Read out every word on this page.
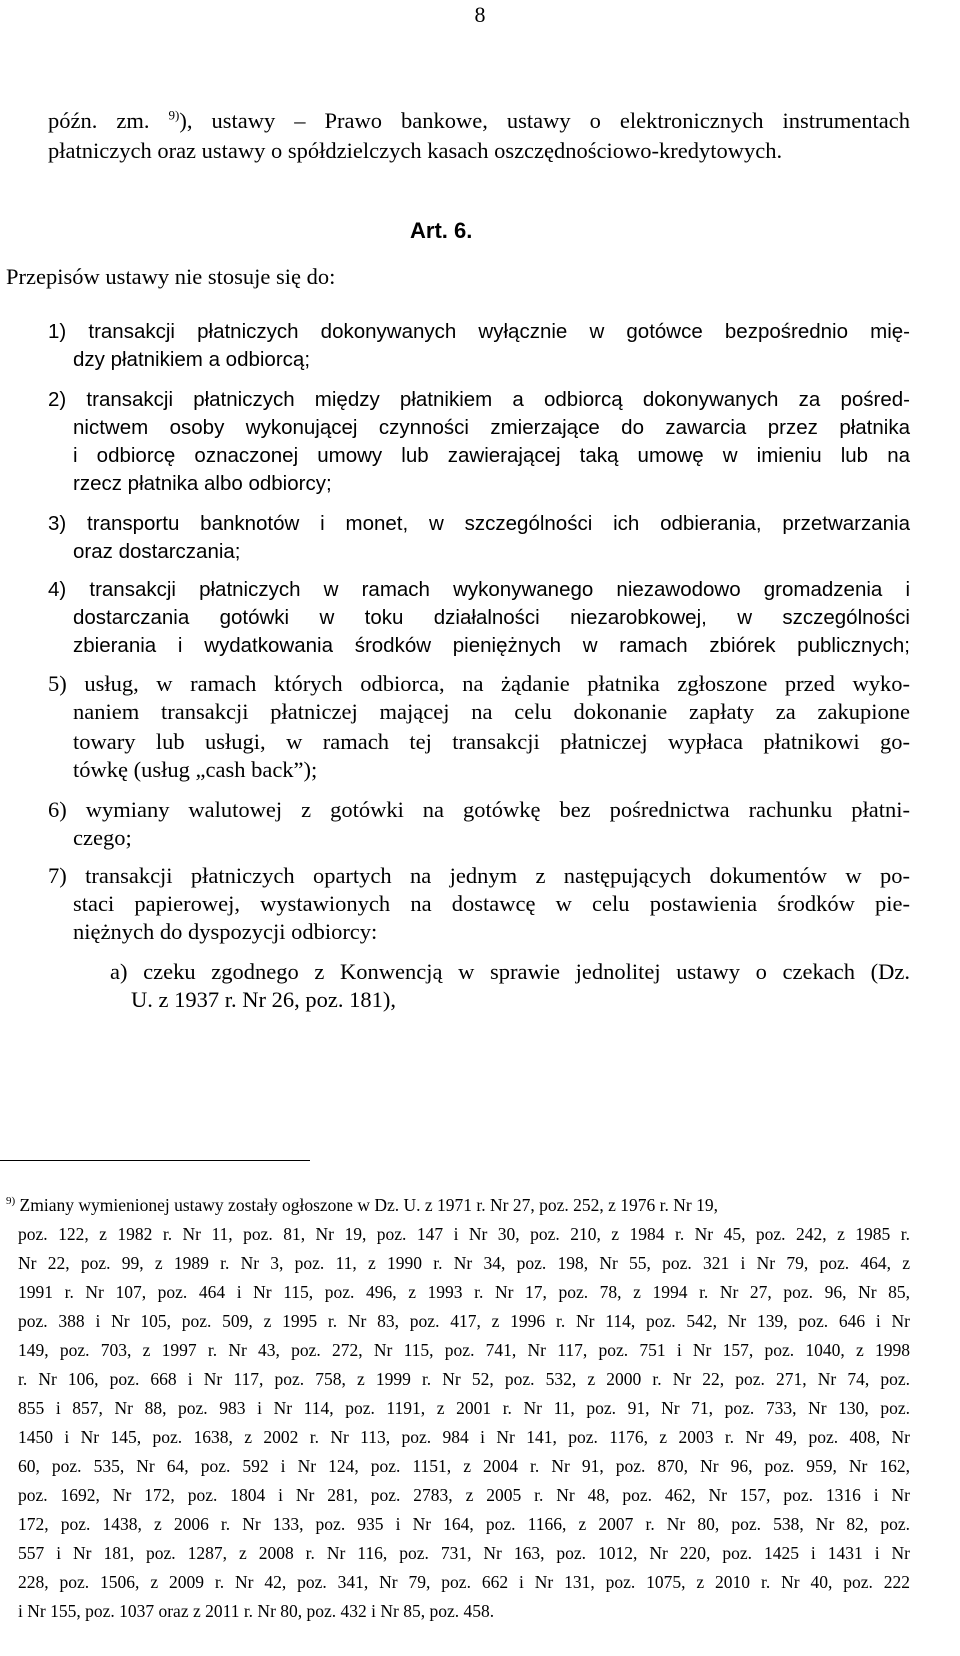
8
późn. zm. $^{9)}$), ustawy – Prawo bankowe, ustawy o elektronicznych instrumentach
płatniczych oraz ustawy o spółdzielczych kasach oszczędnościowo-kredytowych.
Art. 6.
Przepisów ustawy nie stosuje się do:
1) transakcji płatniczych dokonywanych wyłącznie w gotówce bezpośrednio mię-
dzy płatnikiem a odbiorcą;
2) transakcji płatniczych między płatnikiem a odbiorcą dokonywanych za pośred-
nictwem osoby wykonującej czynności zmierzające do zawarcia przez płatnika
i odbiorcę oznaczonej umowy lub zawierającej taką umowę w imieniu lub na
rzecz płatnika albo odbiorcy;
3) transportu banknotów i monet, w szczególności ich odbierania, przetwarzania
oraz dostarczania;
4) transakcji płatniczych w ramach wykonywanego niezawodowo gromadzenia i
dostarczania gotówki w toku działalności niezarobkowej, w szczególności
zbierania i wydatkowania środków pieniężnych w ramach zbiórek publicznych;
5) usług, w ramach których odbiorca, na żądanie płatnika zgłoszone przed wyko-
naniem transakcji płatniczej mającej na celu dokonanie zapłaty za zakupione
towary lub usługi, w ramach tej transakcji płatniczej wypłaca płatnikowi go-
tówkę (usług „cash back”);
6) wymiany walutowej z gotówki na gotówkę bez pośrednictwa rachunku płatni-
czego;
7) transakcji płatniczych opartych na jednym z następujących dokumentów w po-
staci papierowej, wystawionych na dostawcę w celu postawienia środków pie-
niężnych do dyspozycji odbiorcy:
a) czeku zgodnego z Konwencją w sprawie jednolitej ustawy o czekach (Dz.
U. z 1937 r. Nr 26, poz. 181),
$^{9)}$ Zmiany wymienionej ustawy zostały ogłoszone w Dz. U. z 1971 r. Nr 27, poz. 252, z 1976 r. Nr 19,
poz. 122, z 1982 r. Nr 11, poz. 81, Nr 19, poz. 147 i Nr 30, poz. 210, z 1984 r. Nr 45, poz. 242, z 1985 r.
Nr 22, poz. 99, z 1989 r. Nr 3, poz. 11, z 1990 r. Nr 34, poz. 198, Nr 55, poz. 321 i Nr 79, poz. 464, z
1991 r. Nr 107, poz. 464 i Nr 115, poz. 496, z 1993 r. Nr 17, poz. 78, z 1994 r. Nr 27, poz. 96, Nr 85,
poz. 388 i Nr 105, poz. 509, z 1995 r. Nr 83, poz. 417, z 1996 r. Nr 114, poz. 542, Nr 139, poz. 646 i Nr
149, poz. 703, z 1997 r. Nr 43, poz. 272, Nr 115, poz. 741, Nr 117, poz. 751 i Nr 157, poz. 1040, z 1998
r. Nr 106, poz. 668 i Nr 117, poz. 758, z 1999 r. Nr 52, poz. 532, z 2000 r. Nr 22, poz. 271, Nr 74, poz.
855 i 857, Nr 88, poz. 983 i Nr 114, poz. 1191, z 2001 r. Nr 11, poz. 91, Nr 71, poz. 733, Nr 130, poz.
1450 i Nr 145, poz. 1638, z 2002 r. Nr 113, poz. 984 i Nr 141, poz. 1176, z 2003 r. Nr 49, poz. 408, Nr
60, poz. 535, Nr 64, poz. 592 i Nr 124, poz. 1151, z 2004 r. Nr 91, poz. 870, Nr 96, poz. 959, Nr 162,
poz. 1692, Nr 172, poz. 1804 i Nr 281, poz. 2783, z 2005 r. Nr 48, poz. 462, Nr 157, poz. 1316 i Nr
172, poz. 1438, z 2006 r. Nr 133, poz. 935 i Nr 164, poz. 1166, z 2007 r. Nr 80, poz. 538, Nr 82, poz.
557 i Nr 181, poz. 1287, z 2008 r. Nr 116, poz. 731, Nr 163, poz. 1012, Nr 220, poz. 1425 i 1431 i Nr
228, poz. 1506, z 2009 r. Nr 42, poz. 341, Nr 79, poz. 662 i Nr 131, poz. 1075, z 2010 r. Nr 40, poz. 222
i Nr 155, poz. 1037 oraz z 2011 r. Nr 80, poz. 432 i Nr 85, poz. 458.
